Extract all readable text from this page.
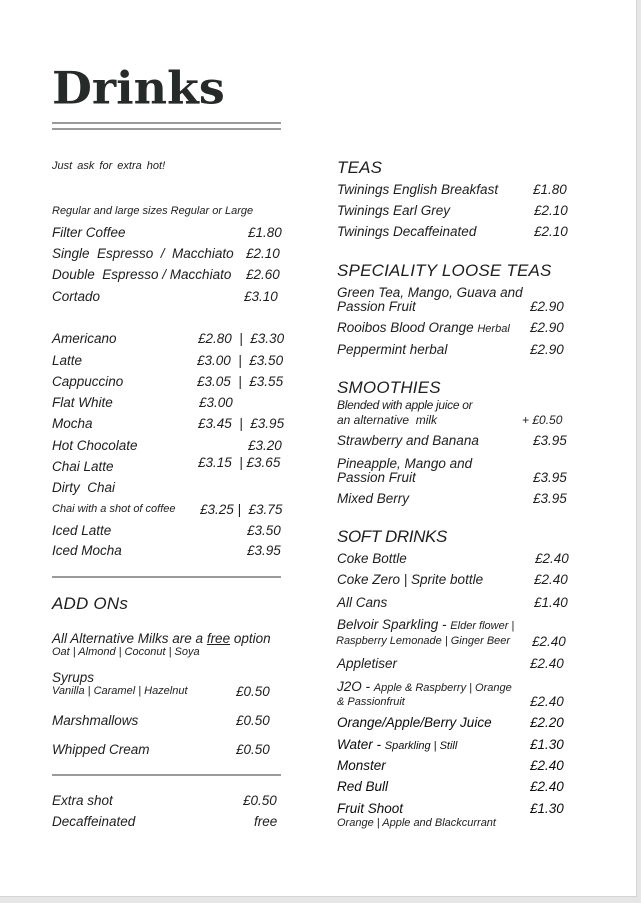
Drinks
Just ask for extra hot!
Regular and large sizes Regular or Large
Filter Coffee	£1.80
Single  Espresso  /  Macchiato £2.10
Double  Espresso / Macchiato £2.60
Cortado	£3.10
Americano	£2.80  |  £3.30
Latte	£3.00  |  £3.50
Cappuccino	£3.05  |  £3.55
Flat White	£3.00
Mocha	£3.45  |  £3.95
Hot Chocolate	£3.20
Chai Latte	£3.15  | £3.65
Dirty  Chai
Chai with a shot of coffee £3.25 |  £3.75
Iced Latte	£3.50
Iced Mocha	£3.95
ADD ONs
All Alternative Milks are a free option
Oat | Almond | Coconut | Soya
Syrups
Vanilla | Caramel | Hazelnut	£0.50
Marshmallows	£0.50
Whipped Cream	£0.50
Extra shot	£0.50
Decaffeinated	free
TEAS
Twinings English Breakfast	£1.80
Twinings Earl Grey	£2.10
Twinings Decaffeinated	£2.10
SPECIALITY LOOSE TEAS
Green Tea, Mango, Guava and
Passion Fruit	£2.90
Rooibos Blood Orange Herbal £2.90
Peppermint herbal	£2.90
SMOOTHIES
Blended with apple juice or
an alternative  milk	+ £0.50
Strawberry and Banana	£3.95
Pineapple, Mango and
Passion Fruit	£3.95
Mixed Berry	£3.95
SOFT DRINKS
Coke Bottle	£2.40
Coke Zero | Sprite bottle	£2.40
All Cans	£1.40
Belvoir Sparkling - Elder flower |
Raspberry Lemonade | Ginger Beer £2.40
Appletiser	£2.40
J2O - Apple & Raspberry | Orange
& Passionfruit	£2.40
Orange/Apple/Berry Juice	£2.20
Water - Sparkling | Still	£1.30
Monster	£2.40
Red Bull	£2.40
Fruit Shoot	£1.30
Orange | Apple and Blackcurrant
